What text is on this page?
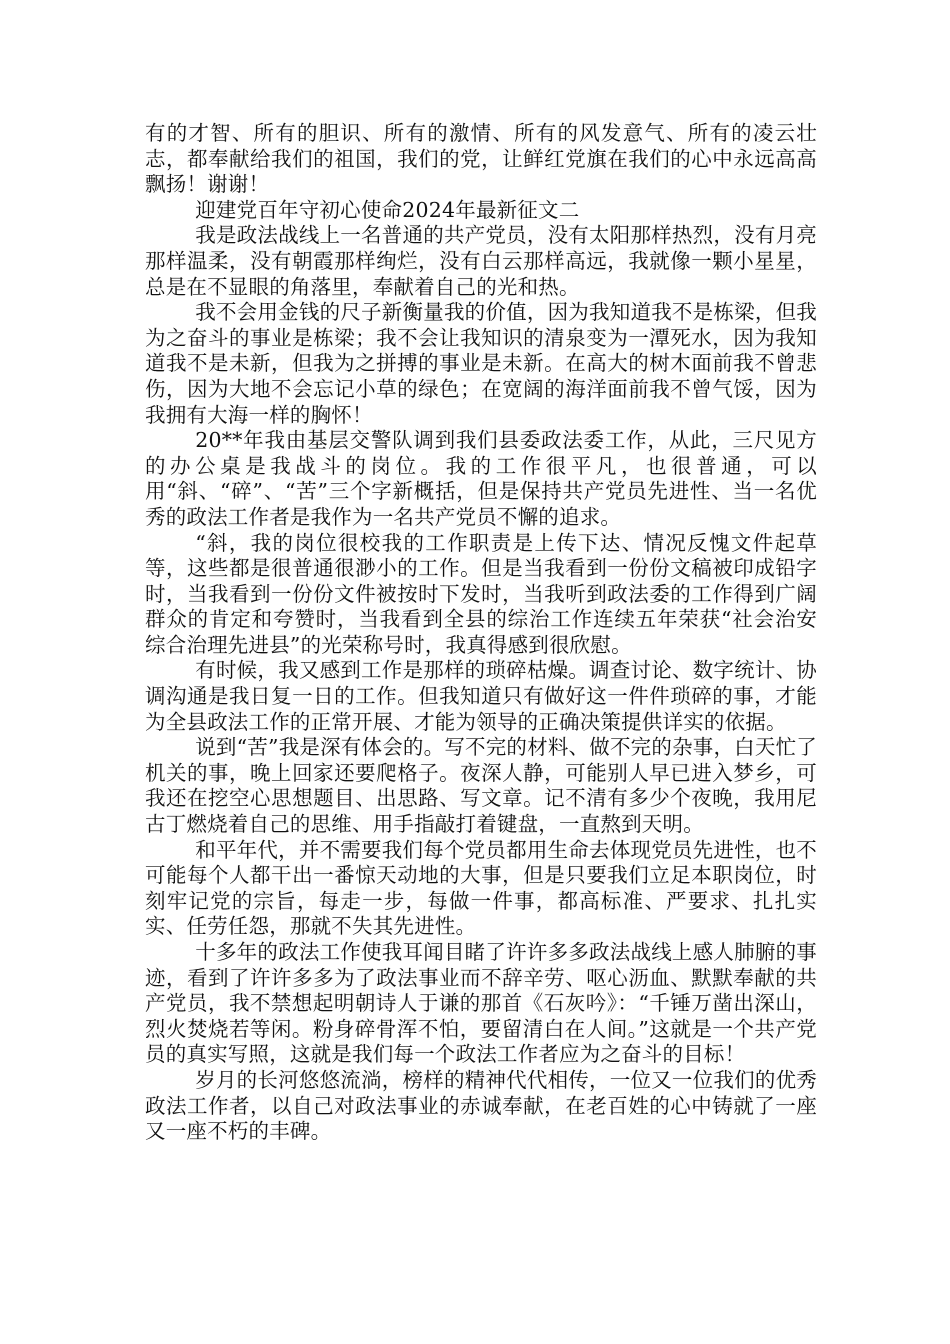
有的才智、所有的胆识、所有的激情、所有的风发意气、所有的凌云壮志，都奉献给我们的祖国，我们的党，让鲜红党旗在我们的心中永远高高飘扬！谢谢！

迎建党百年守初心使命2024年最新征文二

我是政法战线上一名普通的共产党员，没有太阳那样热烈，没有月亮那样温柔，没有朝霞那样绚烂，没有白云那样高远，我就像一颗小星星，总是在不显眼的角落里，奉献着自己的光和热。

我不会用金钱的尺子新衡量我的价值，因为我知道我不是栋梁，但我为之奋斗的事业是栋梁；我不会让我知识的清泉变为一潭死水，因为我知道我不是未新，但我为之拼搏的事业是未新。在高大的树木面前我不曾悲伤，因为大地不会忘记小草的绿色；在宽阔的海洋面前我不曾气馁，因为我拥有大海一样的胸怀！

20**年我由基层交警队调到我们县委政法委工作，从此，三尺见方的办公桌是我战斗的岗位。我的工作很平凡，也很普通，可以用“斜、“碎”、“苦”三个字新概括，但是保持共产党员先进性、当一名优秀的政法工作者是我作为一名共产党员不懈的追求。

“斜，我的岗位很校我的工作职责是上传下达、情况反愧文件起草等，这些都是很普通很渺小的工作。但是当我看到一份份文稿被印成铅字时，当我看到一份份文件被按时下发时，当我听到政法委的工作得到广阔群众的肯定和夸赞时，当我看到全县的综治工作连续五年荣获“社会治安综合治理先进县”的光荣称号时，我真得感到很欣慰。

有时候，我又感到工作是那样的琐碎枯燥。调查讨论、数字统计、协调沟通是我日复一日的工作。但我知道只有做好这一件件琐碎的事，才能为全县政法工作的正常开展、才能为领导的正确决策提供详实的依据。

说到“苦”我是深有体会的。写不完的材料、做不完的杂事，白天忙了机关的事，晚上回家还要爬格子。夜深人静，可能别人早已进入梦乡，可我还在挖空心思想题目、出思路、写文章。记不清有多少个夜晚，我用尼古丁燃烧着自己的思维、用手指敲打着键盘，一直熬到天明。

和平年代，并不需要我们每个党员都用生命去体现党员先进性，也不可能每个人都干出一番惊天动地的大事，但是只要我们立足本职岗位，时刻牢记党的宗旨，每走一步，每做一件事，都高标准、严要求、扎扎实实、任劳任怨，那就不失其先进性。

十多年的政法工作使我耳闻目睹了许许多多政法战线上感人肺腑的事迹，看到了许许多多为了政法事业而不辞辛劳、呕心沥血、默默奉献的共产党员，我不禁想起明朝诗人于谦的那首《石灰吟》：“千锤万凿出深山，烈火焚烧若等闲。粉身碎骨浑不怕，要留清白在人间。”这就是一个共产党员的真实写照，这就是我们每一个政法工作者应为之奋斗的目标！

岁月的长河悠悠流淌，榜样的精神代代相传，一位又一位我们的优秀政法工作者，以自己对政法事业的赤诚奉献，在老百姓的心中铸就了一座又一座不朽的丰碑。
